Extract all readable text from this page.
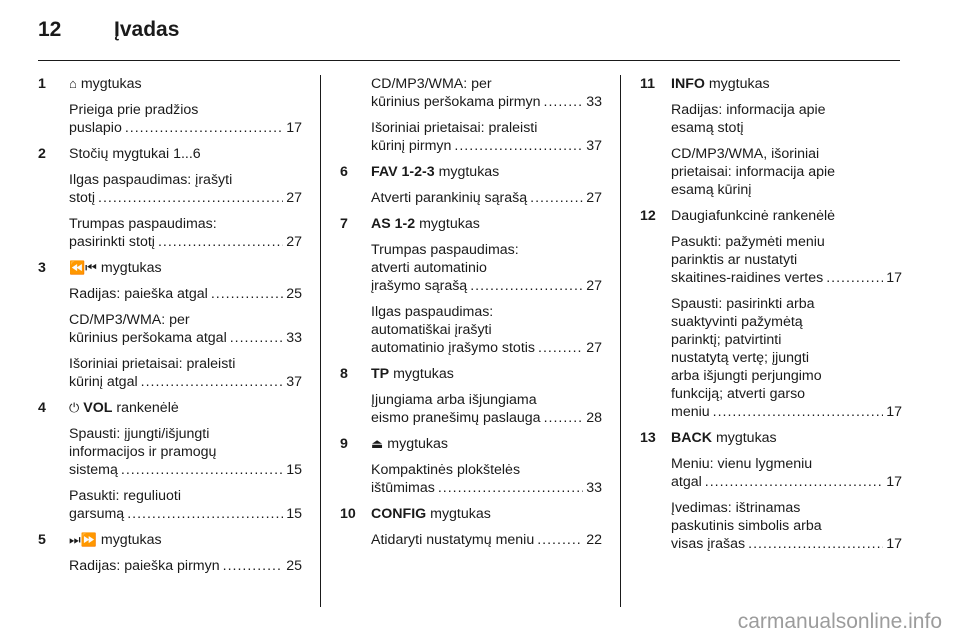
12	Įvadas
1 ⌂ mygtukas
Prieiga prie pradžios
puslapio .....	17
2 Stočių mygtukai 1...6
Ilgas paspaudimas: įrašyti
stotį .....	27
Trumpas paspaudimas:
pasirinkti stotį .....	27
3 ⏪⏮ mygtukas
Radijas: paieška atgal .....	25
CD/MP3/WMA: per
kūrinius peršokama atgal .....	33
Išoriniai prietaisai: praleisti
kūrinį atgal .....	37
4 ⏻ VOL rankenėlė
Spausti: įjungti/išjungti
informacijos ir pramogų
sistemą .....	15
Pasukti: reguliuoti
garsumą .....	15
5 ⏭⏩ mygtukas
Radijas: paieška pirmyn .....	25
CD/MP3/WMA: per
kūrinius peršokama pirmyn .....	33
Išoriniai prietaisai: praleisti
kūrinį pirmyn .....	37
6 FAV 1-2-3 mygtukas
Atverti parankinių sąrašą .....	27
7 AS 1-2 mygtukas
Trumpas paspaudimas:
atverti automatinio
įrašymo sąrašą .....	27
Ilgas paspaudimas:
automatiškai įrašyti
automatinio įrašymo stotis .....	27
8 TP mygtukas
Įjungiama arba išjungiama
eismo pranešimų paslauga .....	28
9 ⏏ mygtukas
Kompaktinės plokštelės
ištūmimas .....	33
10 CONFIG mygtukas
Atidaryti nustatymų meniu .....	22
11 INFO mygtukas
Radijas: informacija apie
esamą stotį
CD/MP3/WMA, išoriniai
prietaisai: informacija apie
esamą kūrinį
12 Daugiafunkcinė rankenėlė
Pasukti: pažymėti meniu
parinktis ar nustatyti
skaitines-raidines vertes .....	17
Spausti: pasirinkti arba
suaktyvinti pažymėtą
parinktį; patvirtinti
nustatytą vertę; įjungti
arba išjungti perjungimo
funkciją; atverti garso
meniu .....	17
13 BACK mygtukas
Meniu: vienu lygmeniu
atgal .....	17
Įvedimas: ištrinamas
paskutinis simbolis arba
visas įrašas .....	17
carmanualsonline.info
